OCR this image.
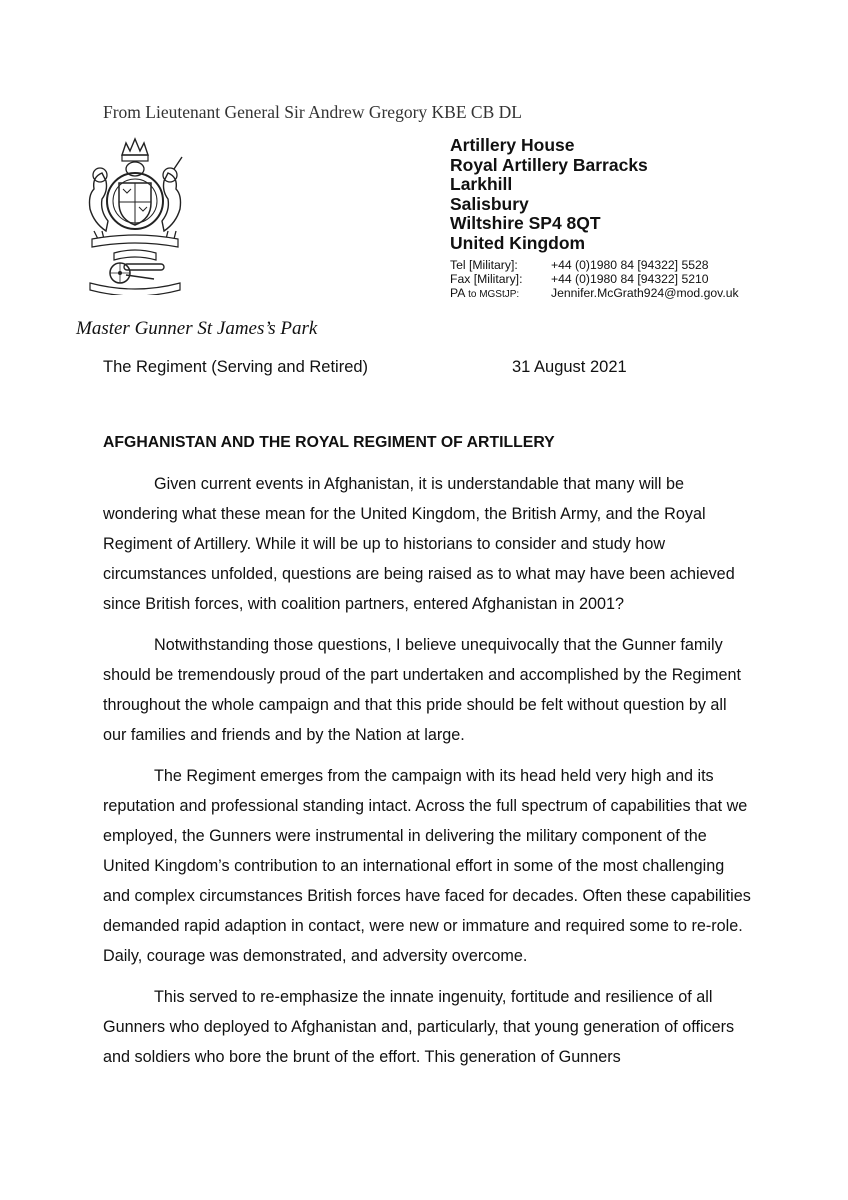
From Lieutenant General Sir Andrew Gregory KBE CB DL
Artillery House
Royal Artillery Barracks
Larkhill
Salisbury
Wiltshire SP4 8QT
United Kingdom
Tel [Military]:	+44 (0)1980 84 [94322] 5528
Fax [Military]:	+44 (0)1980 84 [94322] 5210
PA to MGStJP:	Jennifer.McGrath924@mod.gov.uk
Master Gunner St James’s Park
The Regiment (Serving and Retired)	31 August 2021
AFGHANISTAN AND THE ROYAL REGIMENT OF ARTILLERY

Given current events in Afghanistan, it is understandable that many will be wondering what these mean for the United Kingdom, the British Army, and the Royal Regiment of Artillery. While it will be up to historians to consider and study how circumstances unfolded, questions are being raised as to what may have been achieved since British forces, with coalition partners, entered Afghanistan in 2001?

Notwithstanding those questions, I believe unequivocally that the Gunner family should be tremendously proud of the part undertaken and accomplished by the Regiment throughout the whole campaign and that this pride should be felt without question by all our families and friends and by the Nation at large.

The Regiment emerges from the campaign with its head held very high and its reputation and professional standing intact. Across the full spectrum of capabilities that we employed, the Gunners were instrumental in delivering the military component of the United Kingdom’s contribution to an international effort in some of the most challenging and complex circumstances British forces have faced for decades. Often these capabilities demanded rapid adaption in contact, were new or immature and required some to re-role. Daily, courage was demonstrated, and adversity overcome.

This served to re-emphasize the innate ingenuity, fortitude and resilience of all Gunners who deployed to Afghanistan and, particularly, that young generation of officers and soldiers who bore the brunt of the effort. This generation of Gunners
